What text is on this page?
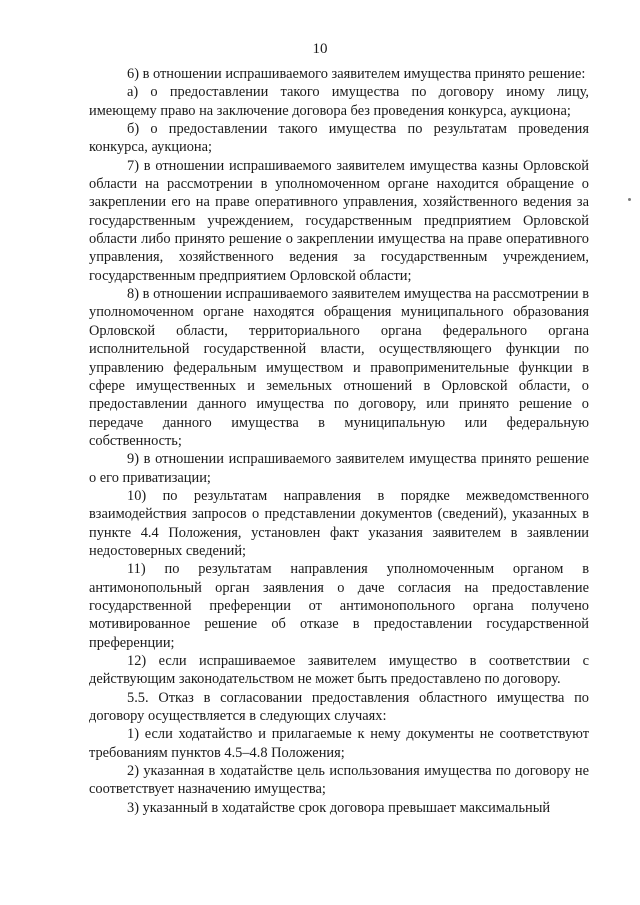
10

6) в отношении испрашиваемого заявителем имущества принято решение:

а) о предоставлении такого имущества по договору иному лицу, имеющему право на заключение договора без проведения конкурса, аукциона;

б) о предоставлении такого имущества по результатам проведения конкурса, аукциона;

7) в отношении испрашиваемого заявителем имущества казны Орловской области на рассмотрении в уполномоченном органе находится обращение о закреплении его на праве оперативного управления, хозяйственного ведения за государственным учреждением, государственным предприятием Орловской области либо принято решение о закреплении имущества на праве оперативного управления, хозяйственного ведения за государственным учреждением, государственным предприятием Орловской области;

8) в отношении испрашиваемого заявителем имущества на рассмотрении в уполномоченном органе находятся обращения муниципального образования Орловской области, территориального органа федерального органа исполнительной государственной власти, осуществляющего функции по управлению федеральным имуществом и правоприменительные функции в сфере имущественных и земельных отношений в Орловской области, о предоставлении данного имущества по договору, или принято решение о передаче данного имущества в муниципальную или федеральную собственность;

9) в отношении испрашиваемого заявителем имущества принято решение о его приватизации;

10) по результатам направления в порядке межведомственного взаимодействия запросов о представлении документов (сведений), указанных в пункте 4.4 Положения, установлен факт указания заявителем в заявлении недостоверных сведений;

11) по результатам направления уполномоченным органом в антимонопольный орган заявления о даче согласия на предоставление государственной преференции от антимонопольного органа получено мотивированное решение об отказе в предоставлении государственной преференции;

12) если испрашиваемое заявителем имущество в соответствии с действующим законодательством не может быть предоставлено по договору.

5.5. Отказ в согласовании предоставления областного имущества по договору осуществляется в следующих случаях:

1) если ходатайство и прилагаемые к нему документы не соответствуют требованиям пунктов 4.5–4.8 Положения;

2) указанная в ходатайстве цель использования имущества по договору не соответствует назначению имущества;

3) указанный в ходатайстве срок договора превышает максимальный
